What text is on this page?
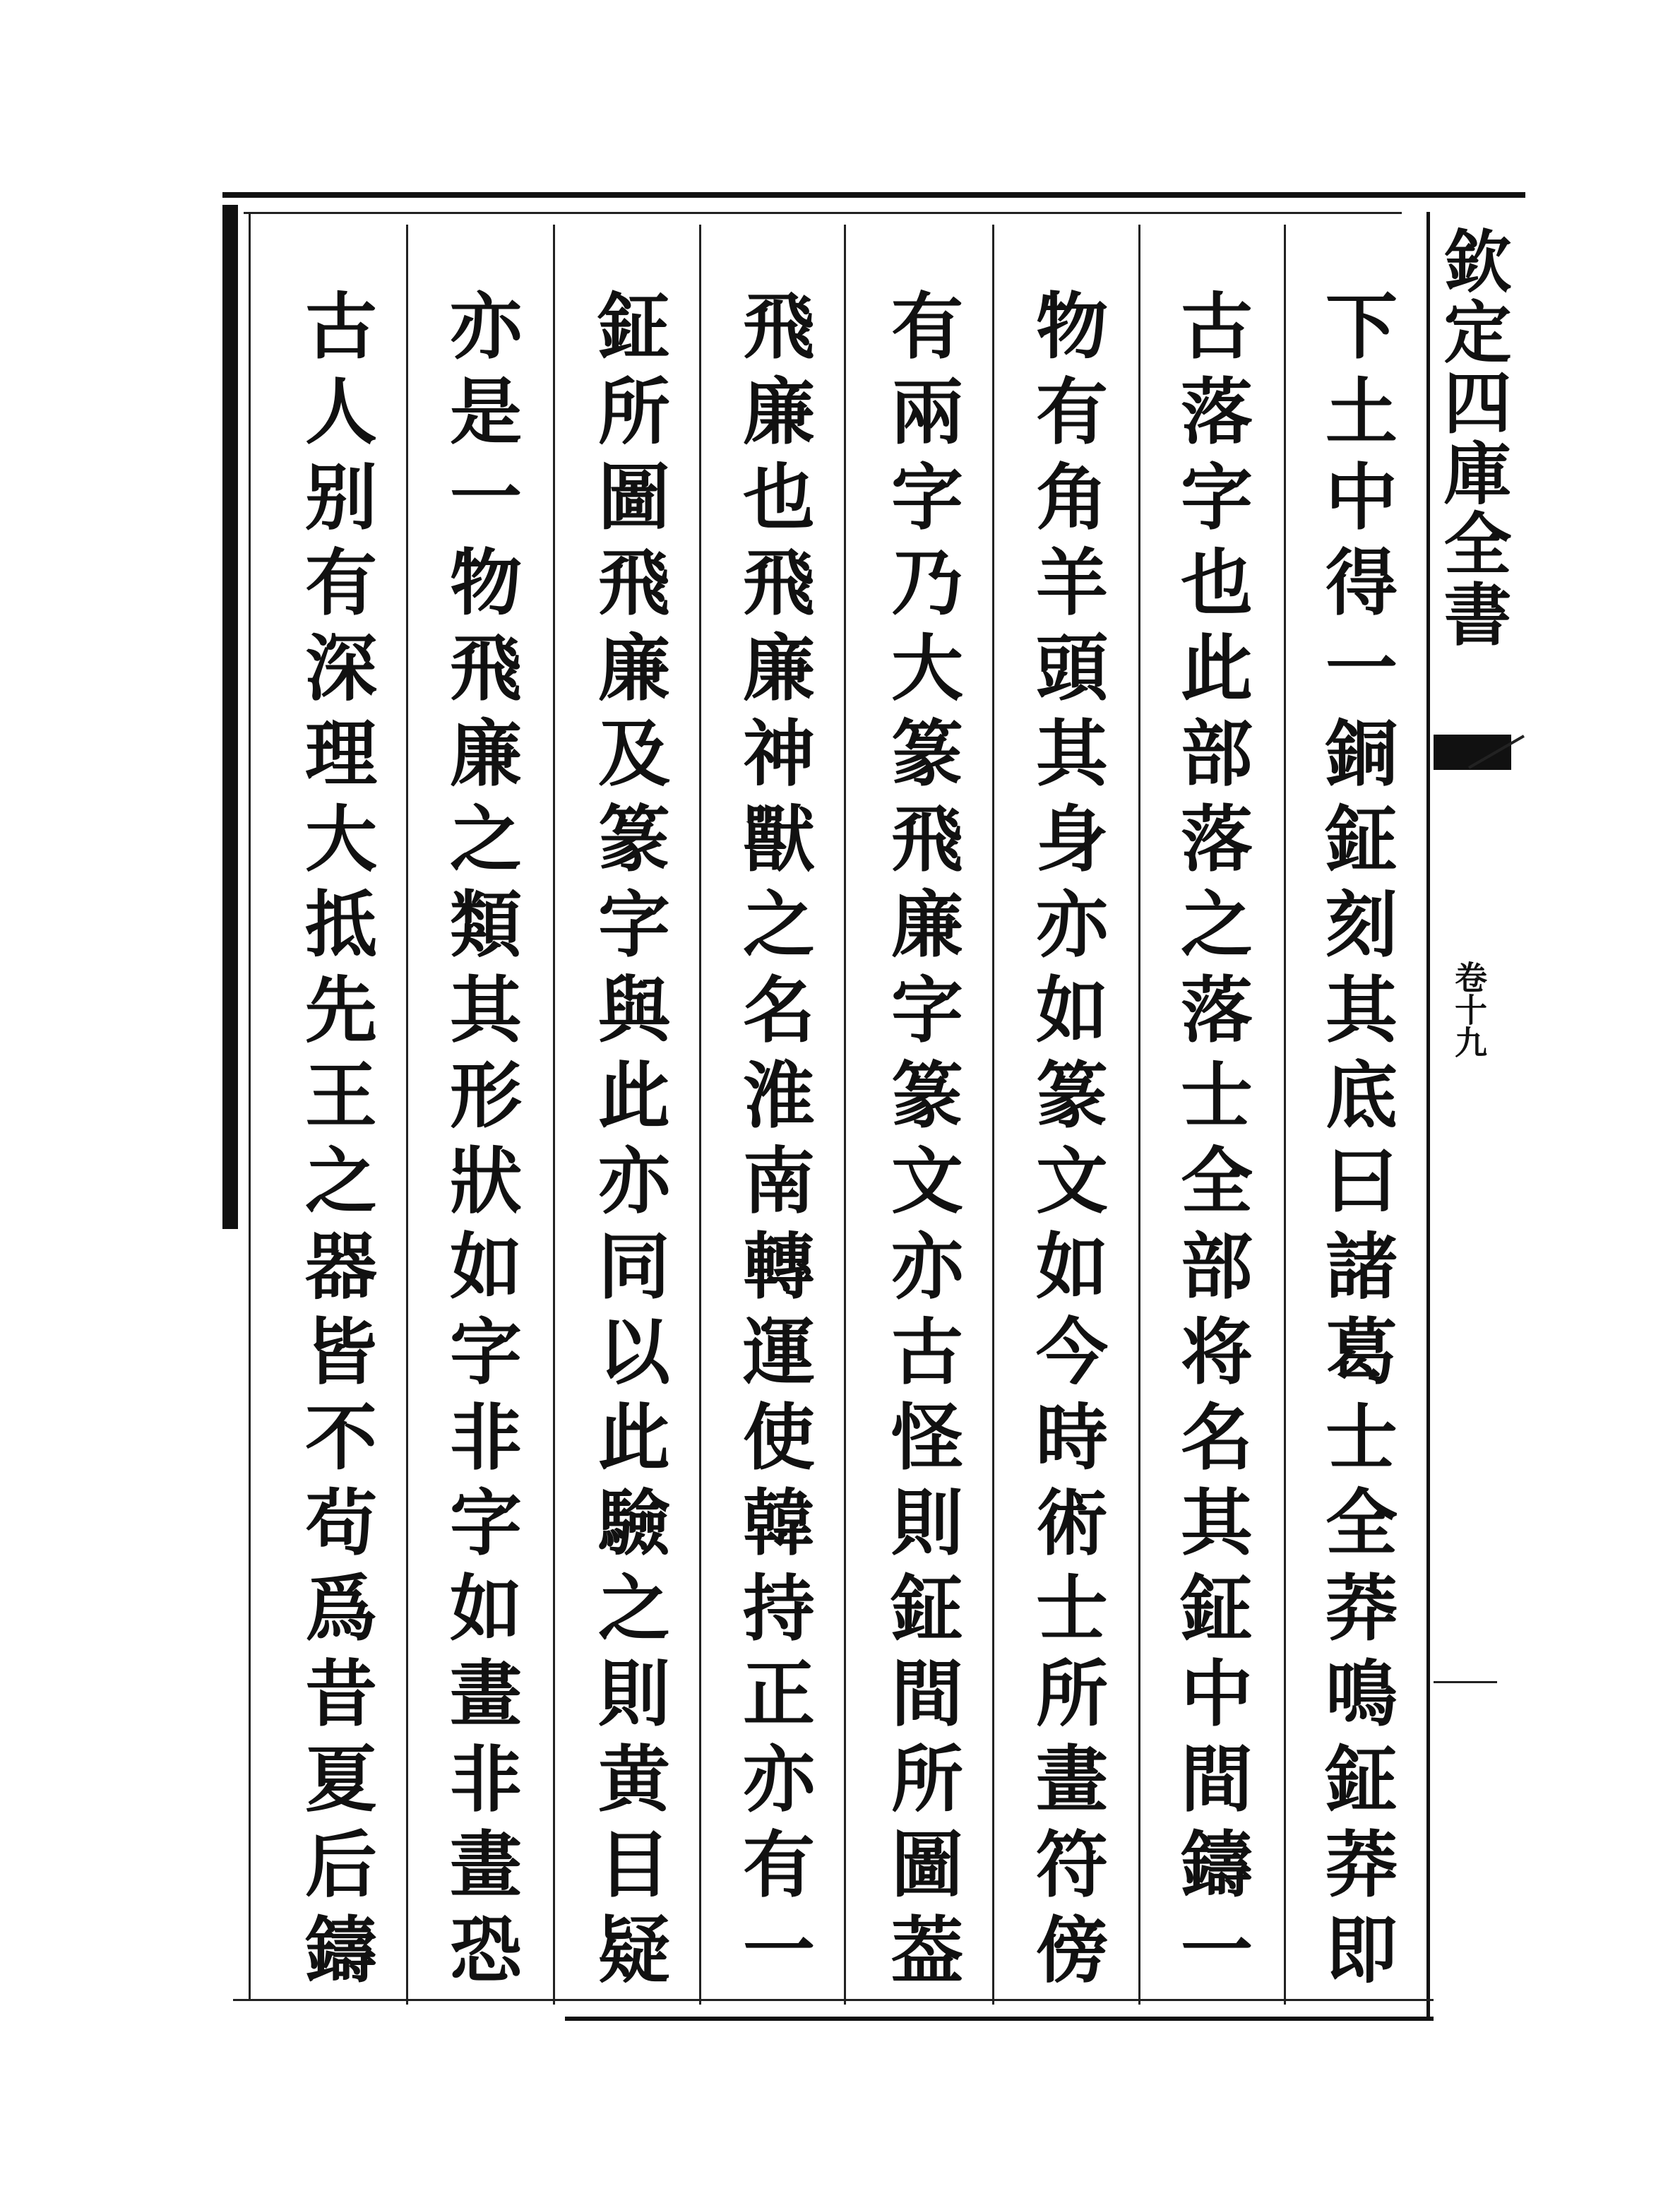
下土中得一銅鉦刻其底曰諸葛士全莽鳴鉦莽即
古落字也此部落之落士全部将名其鉦中間鑄一
物有角羊頭其身亦如篆文如今時術士所畫符傍
有兩字乃大篆飛廉字篆文亦古怪則鉦間所圖葢
飛廉也飛廉神獸之名淮南轉運使韓持正亦有一
鉦所圖飛廉及篆字與此亦同以此驗之則黄目疑
亦是一物飛廉之類其形狀如字非字如畫非畫恐
古人别有深理大抵先王之器皆不茍爲昔夏后鑄	欽定四庫全書
卷十九
